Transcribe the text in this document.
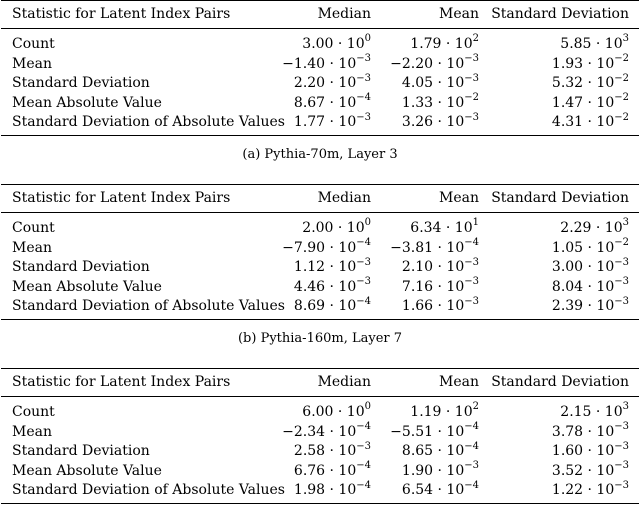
Statistic for Latent Index Pairs	Median	Mean	Standard Deviation
Count	$3.00 \cdot 10^0$	$1.79 \cdot 10^2$	$5.85 \cdot 10^3$
Mean	$-1.40 \cdot 10^{-3}$	$-2.20 \cdot 10^{-3}$	$1.93 \cdot 10^{-2}$
Standard Deviation	$2.20 \cdot 10^{-3}$	$4.05 \cdot 10^{-3}$	$5.32 \cdot 10^{-2}$
Mean Absolute Value	$8.67 \cdot 10^{-4}$	$1.33 \cdot 10^{-2}$	$1.47 \cdot 10^{-2}$
Standard Deviation of Absolute Values	$1.77 \cdot 10^{-3}$	$3.26 \cdot 10^{-3}$	$4.31 \cdot 10^{-2}$
(a) Pythia-70m, Layer 3
Statistic for Latent Index Pairs	Median	Mean	Standard Deviation
Count	$2.00 \cdot 10^0$	$6.34 \cdot 10^1$	$2.29 \cdot 10^3$
Mean	$-7.90 \cdot 10^{-4}$	$-3.81 \cdot 10^{-4}$	$1.05 \cdot 10^{-2}$
Standard Deviation	$1.12 \cdot 10^{-3}$	$2.10 \cdot 10^{-3}$	$3.00 \cdot 10^{-3}$
Mean Absolute Value	$4.46 \cdot 10^{-3}$	$7.16 \cdot 10^{-3}$	$8.04 \cdot 10^{-3}$
Standard Deviation of Absolute Values	$8.69 \cdot 10^{-4}$	$1.66 \cdot 10^{-3}$	$2.39 \cdot 10^{-3}$
(b) Pythia-160m, Layer 7
Statistic for Latent Index Pairs	Median	Mean	Standard Deviation
Count	$6.00 \cdot 10^0$	$1.19 \cdot 10^2$	$2.15 \cdot 10^3$
Mean	$-2.34 \cdot 10^{-4}$	$-5.51 \cdot 10^{-4}$	$3.78 \cdot 10^{-3}$
Standard Deviation	$2.58 \cdot 10^{-3}$	$8.65 \cdot 10^{-4}$	$1.60 \cdot 10^{-3}$
Mean Absolute Value	$6.76 \cdot 10^{-4}$	$1.90 \cdot 10^{-3}$	$3.52 \cdot 10^{-3}$
Standard Deviation of Absolute Values	$1.98 \cdot 10^{-4}$	$6.54 \cdot 10^{-4}$	$1.22 \cdot 10^{-3}$
